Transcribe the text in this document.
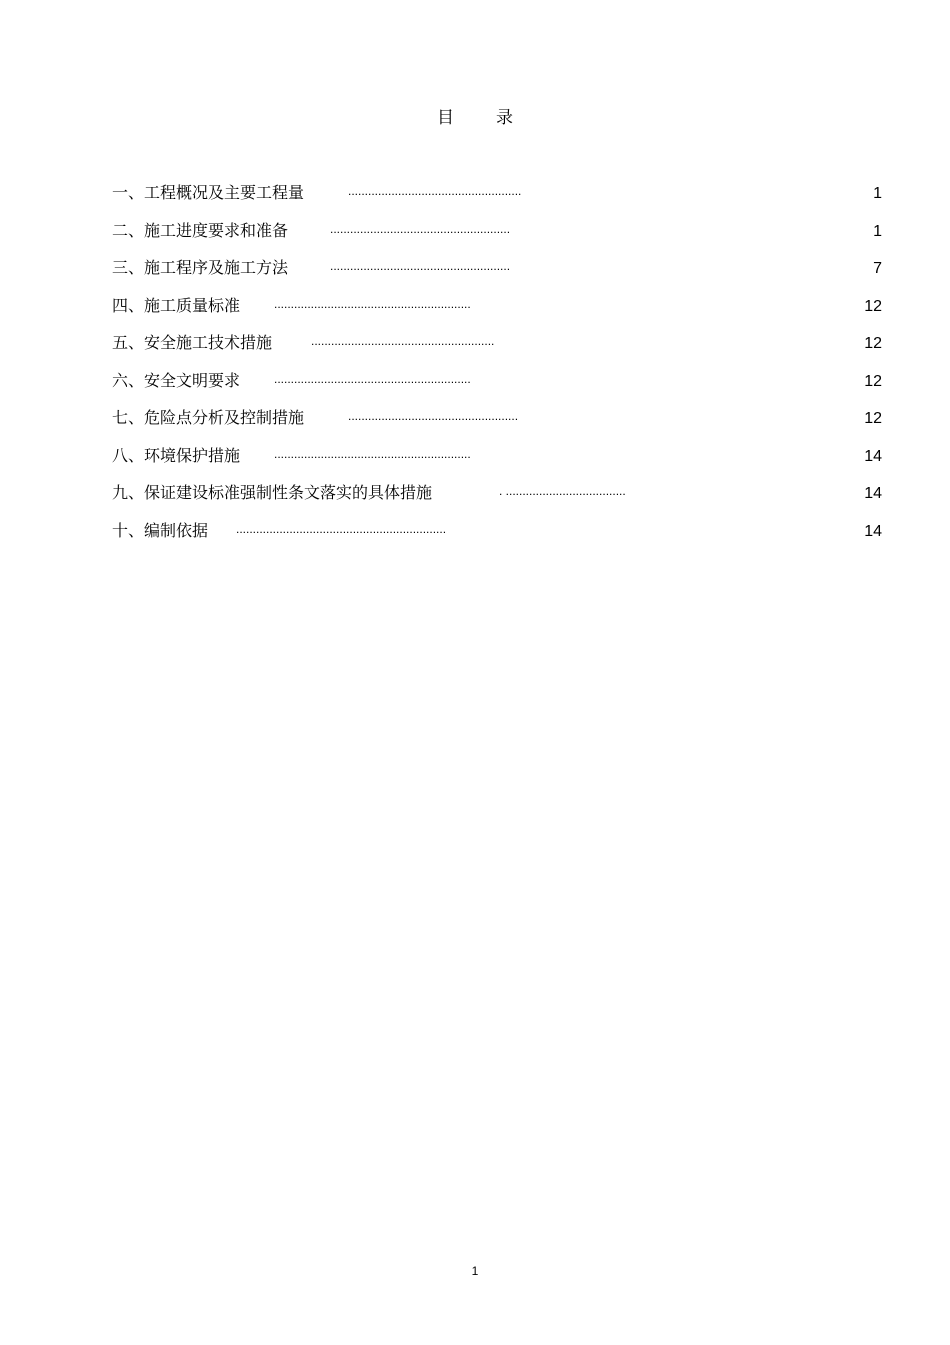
目 录
一、工程概况及主要工程量	....................................................	1
二、施工进度要求和准备	......................................................	1
三、施工程序及施工方法	......................................................	7
四、施工质量标准	...........................................................	12
五、安全施工技术措施	.......................................................	12
六、安全文明要求	...........................................................	12
七、危险点分析及控制措施	...................................................	12
八、环境保护措施	...........................................................	14
九、保证建设标准强制性条文落实的具体措施	. ....................................	14
十、编制依据 ...............................................................	14
1
